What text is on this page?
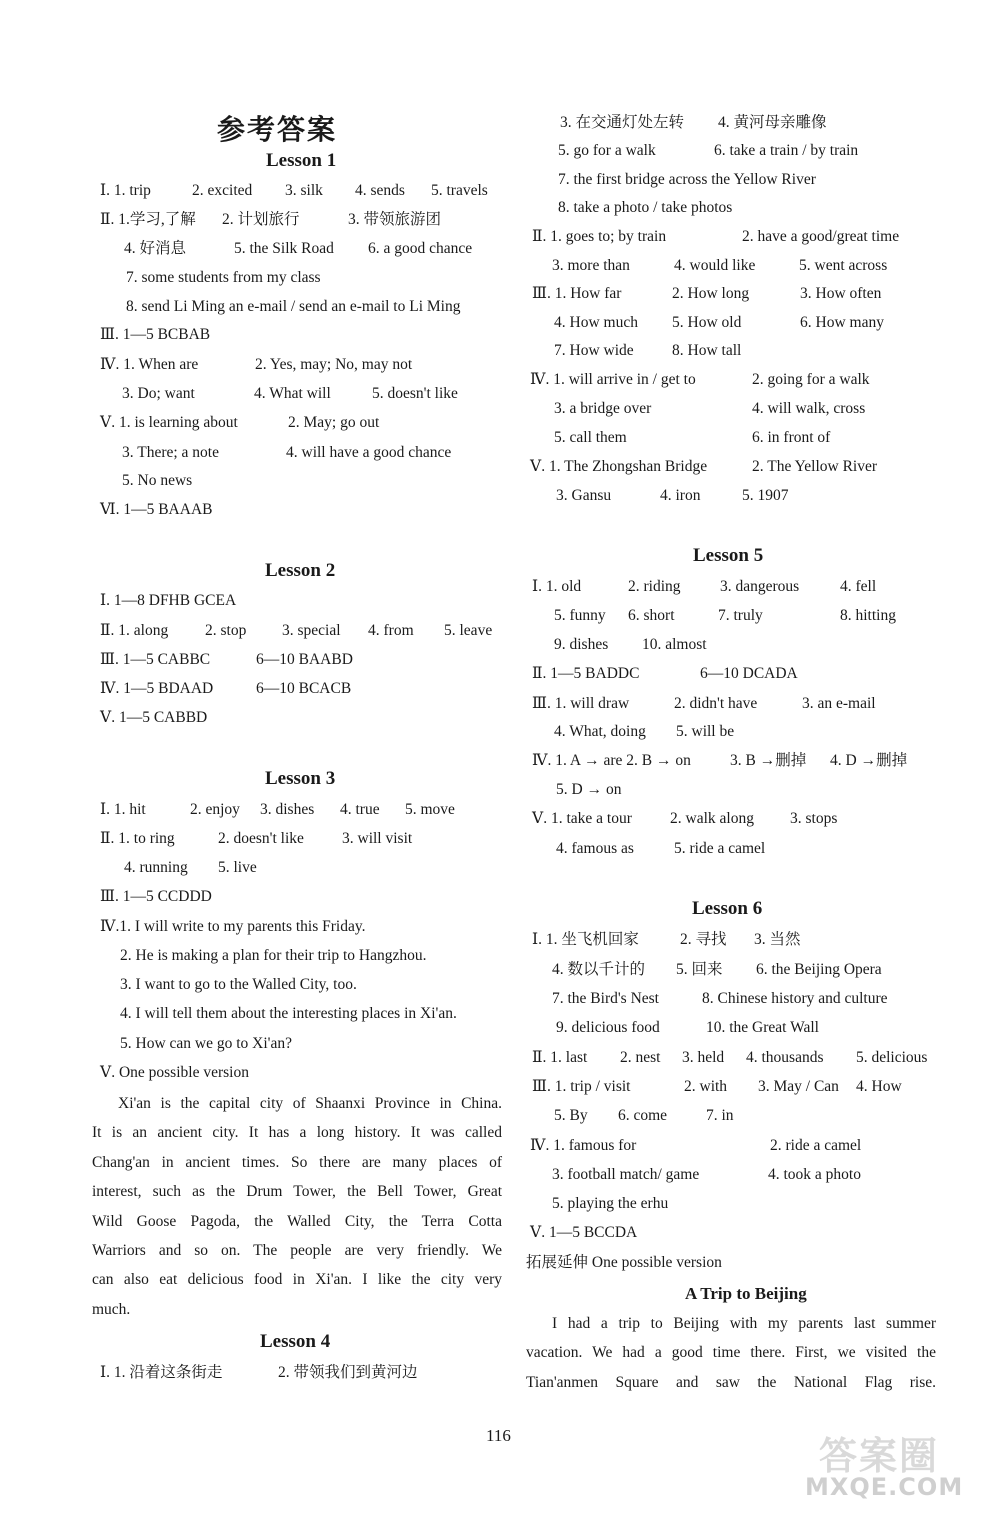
参考答案
Lesson 1
Ⅰ. 1. trip	2. excited 3. silk 4. sends 5. travels
Ⅱ. 1.学习,了解 2. 计划旅行	3. 带领旅游团
4. 好消息	5. the Silk Road 6. a good chance
7. some students from my class
8. send Li Ming an e-mail / send an e-mail to Li Ming
Ⅲ. 1—5 BCBAB
Ⅳ. 1. When are	2. Yes, may; No, may not
3. Do; want	4. What will	5. doesn't like
Ⅴ. 1. is learning about	2. May; go out
3. There; a note	4. will have a good chance
5. No news
Ⅵ. 1—5 BAAAB
Lesson 2
Ⅰ. 1—8 DFHB GCEA
Ⅱ. 1. along 2. stop 3. special 4. from 5. leave
Ⅲ. 1—5 CABBC	6—10 BAABD
Ⅳ. 1—5 BDAAD	6—10 BCACB
Ⅴ. 1—5 CABBD
Lesson 3
Ⅰ. 1. hit	2. enjoy 3. dishes 4. true 5. move
Ⅱ. 1. to ring	2. doesn't like 3. will visit
4. running 5. live
Ⅲ. 1—5 CCDDD
Ⅳ.1. I will write to my parents this Friday.
2. He is making a plan for their trip to Hangzhou.
3. I want to go to the Walled City, too.
4. I will tell them about the interesting places in Xi'an.
5. How can we go to Xi'an?
Ⅴ. One possible version
Xi'an is the capital city of Shaanxi Province in China.
It is an ancient city. It has a long history. It was called
Chang'an in ancient times. So there are many places of
interest, such as the Drum Tower, the Bell Tower, Great
Wild Goose Pagoda, the Walled City, the Terra Cotta
Warriors and so on. The people are very friendly. We
can also eat delicious food in Xi'an. I like the city very
much.
Lesson 4
Ⅰ. 1. 沿着这条街走	2. 带领我们到黄河边
3. 在交通灯处左转 4. 黄河母亲雕像
5. go for a walk	6. take a train / by train
7. the first bridge across the Yellow River
8. take a photo / take photos
Ⅱ. 1. goes to; by train	2. have a good/great time
3. more than	4. would like	5. went across
Ⅲ. 1. How far	2. How long	3. How often
4. How much 5. How old	6. How many
7. How wide 8. How tall
Ⅳ. 1. will arrive in / get to	2. going for a walk
3. a bridge over	4. will walk, cross
5. call them	6. in front of
Ⅴ. 1. The Zhongshan Bridge	2. The Yellow River
3. Gansu	4. iron	5. 1907
Lesson 5
Ⅰ. 1. old	2. riding	3. dangerous	4. fell
5. funny 6. short	7. truly	8. hitting
9. dishes 10. almost
Ⅱ. 1—5 BADDC	6—10 DCADA
Ⅲ. 1. will draw	2. didn't have	3. an e-mail
4. What, doing 5. will be
Ⅳ. 1. A → are 2. B → on	3. B →删掉 4. D →删掉
5. D → on
Ⅴ. 1. take a tour 2. walk along 3. stops
4. famous as	5. ride a camel
Lesson 6
Ⅰ. 1. 坐飞机回家	2. 寻找 3. 当然
4. 数以千计的 5. 回来 6. the Beijing Opera
7. the Bird's Nest	8. Chinese history and culture
9. delicious food	10. the Great Wall
Ⅱ. 1. last 2. nest 3. held 4. thousands 5. delicious
Ⅲ. 1. trip / visit	2. with 3. May / Can 4. How
5. By 6. come	7. in
Ⅳ. 1. famous for	2. ride a camel
3. football match/ game	4. took a photo
5. playing the erhu
Ⅴ. 1—5 BCCDA
拓展延伸 One possible version
A Trip to Beijing
I had a trip to Beijing with my parents last summer
vacation. We had a good time there. First, we visited the
Tian'anmen Square and saw the National Flag rise.
116	答案圈
MXQE.COM
